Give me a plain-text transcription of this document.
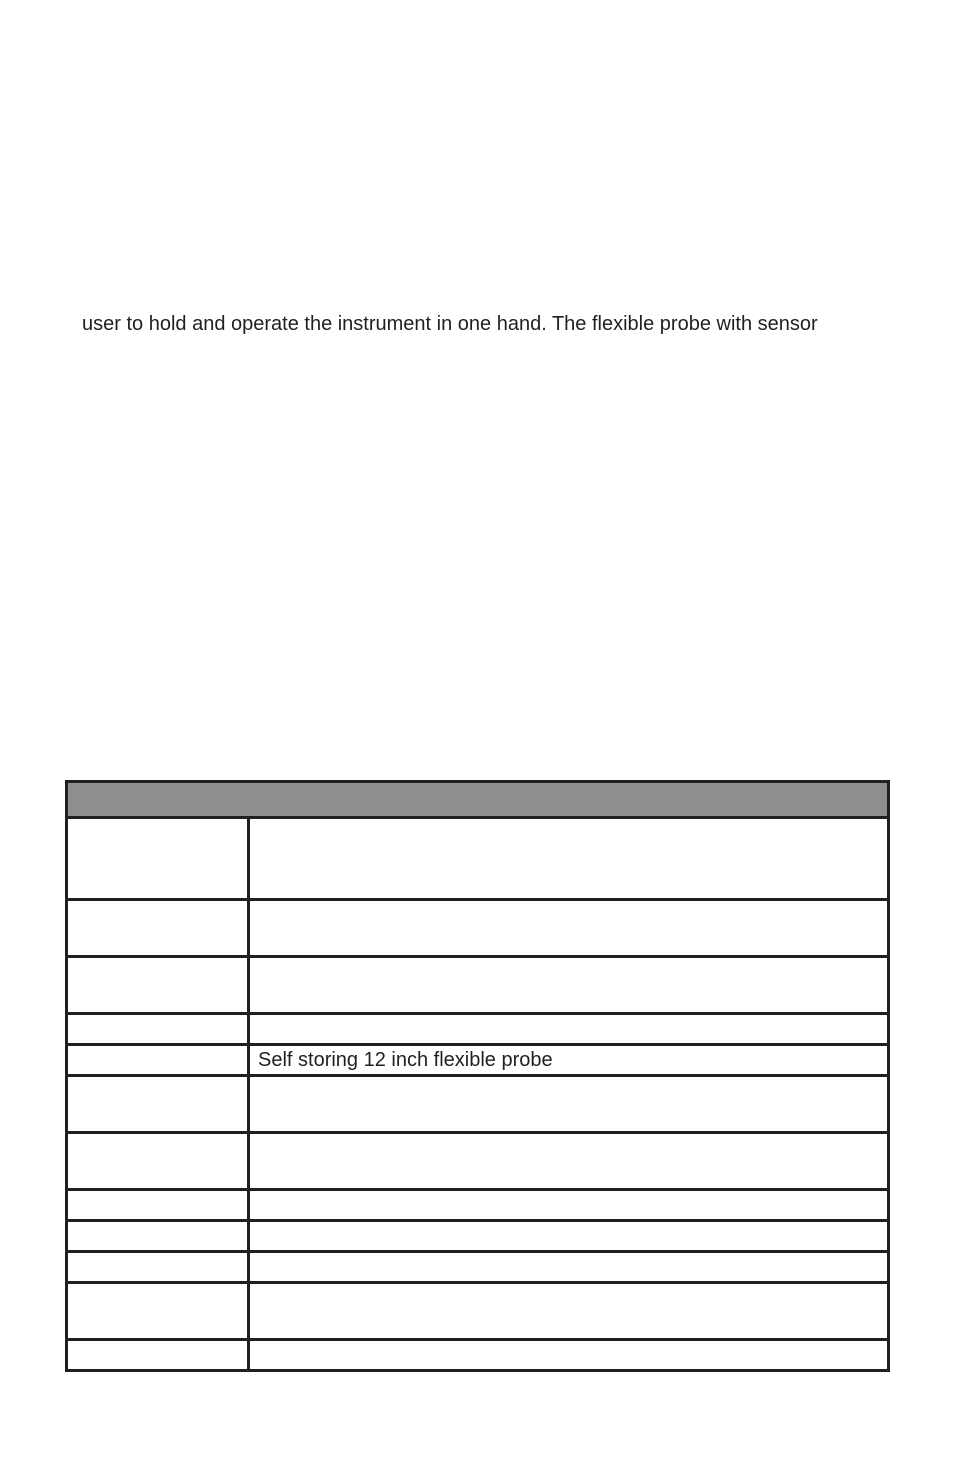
user to hold and operate the instrument in one hand. The flexible probe with sensor

	Self storing 12 inch flexible probe
